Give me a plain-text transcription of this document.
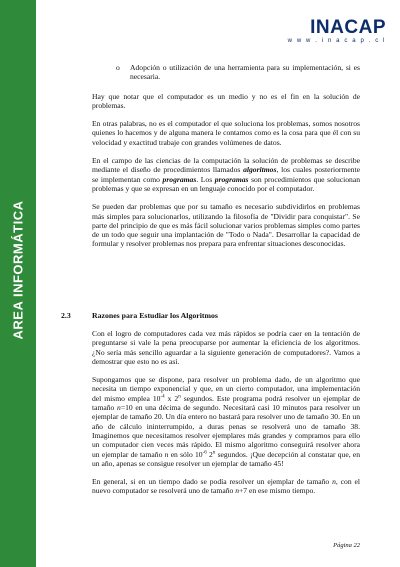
AREA INFORMÁTICA
INACAP
w w w . i n a c a p . c l
o	Adopción o utilización de una herramienta para su implementación, si es necesaria.

Hay que notar que el computador es un medio y no es el fin en la solución de problemas.

En otras palabras, no es el computador el que soluciona los problemas, somos nosotros quienes lo hacemos y de alguna manera le contamos como es la cosa para que él con su velocidad y exactitud trabaje con grandes volúmenes de datos.

En el campo de las ciencias de la computación la solución de problemas se describe mediante el diseño de procedimientos llamados algoritmos, los cuales posteriormente se implementan como programas. Los programas son procedimientos que solucionan problemas y que se expresan en un lenguaje conocido por el computador.

Se pueden dar problemas que por su tamaño es necesario subdividirlos en problemas más simples para solucionarlos, utilizando la filosofía de "Dividir para conquistar". Se parte del principio de que es más fácil solucionar varios problemas simples como partes de un todo que seguir una implantación de "Todo o Nada". Desarrollar la capacidad de formular y resolver problemas nos prepara para enfrentar situaciones desconocidas.

2.3	Razones para Estudiar los Algoritmos

Con el logro de computadores cada vez más rápidos se podría caer en la tentación de preguntarse si vale la pena preocuparse por aumentar la eficiencia de los algoritmos. ¿No sería más sencillo aguardar a la siguiente generación de computadores?. Vamos a demostrar que esto no es así.

Supongamos que se dispone, para resolver un problema dado, de un algoritmo que necesita un tiempo exponencial y que, en un cierto computador, una implementación del mismo emplea $10^{-4}$ x 2$^n$ segundos. Este programa podrá resolver un ejemplar de tamaño n=10 en una décima de segundo. Necesitará casi 10 minutos para resolver un ejemplar de tamaño 20. Un día entero no bastará para resolver uno de tamaño 30. En un año de cálculo ininterrumpido, a duras penas se resolverá uno de tamaño 38. Imaginemos que necesitamos resolver ejemplares más grandes y compramos para ello un computador cien veces más rápido. El mismo algoritmo conseguirá resolver ahora un ejemplar de tamaño n en sólo $10^{-6}$ 2$^n$ segundos. ¡Que decepción al constatar que, en un año, apenas se consigue resolver un ejemplar de tamaño 45!

En general, si en un tiempo dado se podía resolver un ejemplar de tamaño n, con el nuevo computador se resolverá uno de tamaño n+7 en ese mismo tiempo.

Página 22
